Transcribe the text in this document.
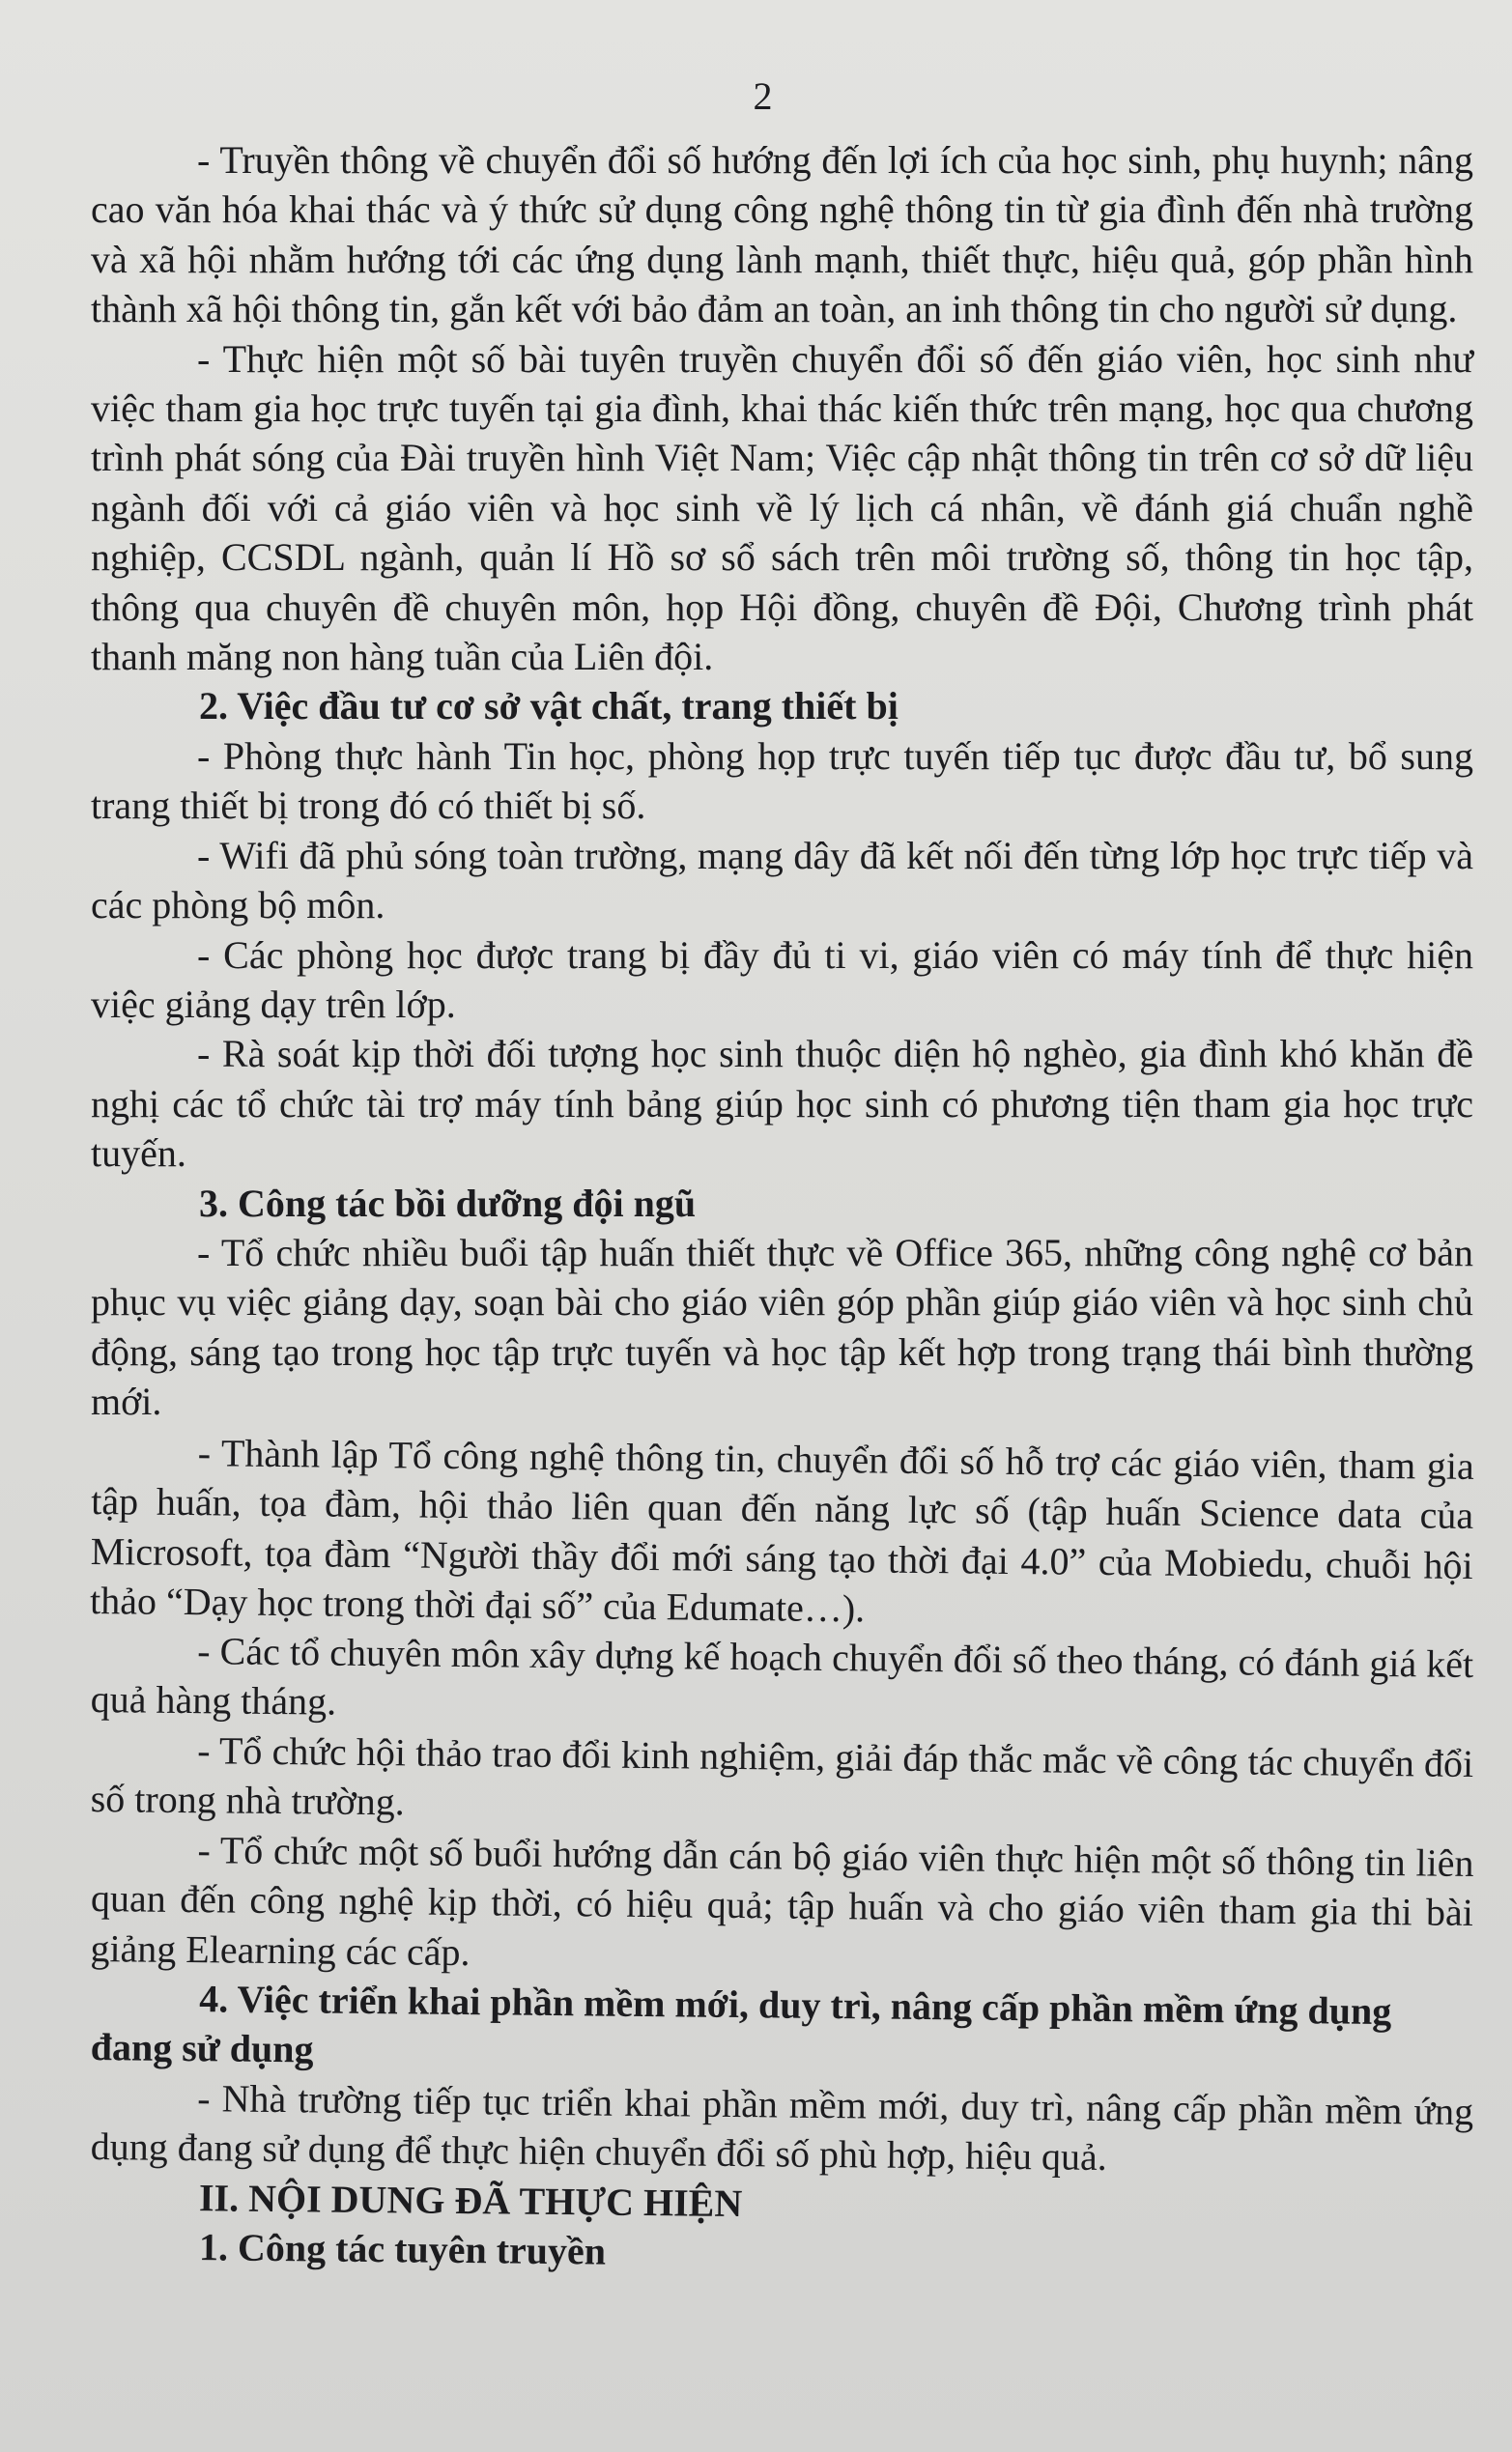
2

- Truyền thông về chuyển đổi số hướng đến lợi ích của học sinh, phụ huynh; nâng cao văn hóa khai thác và ý thức sử dụng công nghệ thông tin từ gia đình đến nhà trường và xã hội nhằm hướng tới các ứng dụng lành mạnh, thiết thực, hiệu quả, góp phần hình thành xã hội thông tin, gắn kết với bảo đảm an toàn, an inh thông tin cho người sử dụng.

- Thực hiện một số bài tuyên truyền chuyển đổi số đến giáo viên, học sinh như việc tham gia học trực tuyến tại gia đình, khai thác kiến thức trên mạng, học qua chương trình phát sóng của Đài truyền hình Việt Nam; Việc cập nhật thông tin trên cơ sở dữ liệu ngành đối với cả giáo viên và học sinh về lý lịch cá nhân, về đánh giá chuẩn nghề nghiệp, CCSDL ngành, quản lí Hồ sơ sổ sách trên môi trường số, thông tin học tập, thông qua chuyên đề chuyên môn, họp Hội đồng, chuyên đề Đội, Chương trình phát thanh măng non hàng tuần của Liên đội.

2. Việc đầu tư cơ sở vật chất, trang thiết bị

- Phòng thực hành Tin học, phòng họp trực tuyến tiếp tục được đầu tư, bổ sung trang thiết bị trong đó có thiết bị số.

- Wifi đã phủ sóng toàn trường, mạng dây đã kết nối đến từng lớp học trực tiếp và các phòng bộ môn.

- Các phòng học được trang bị đầy đủ ti vi, giáo viên có máy tính để thực hiện việc giảng dạy trên lớp.

- Rà soát kịp thời đối tượng học sinh thuộc diện hộ nghèo, gia đình khó khăn đề nghị các tổ chức tài trợ máy tính bảng giúp học sinh có phương tiện tham gia học trực tuyến.

3. Công tác bồi dưỡng đội ngũ

- Tổ chức nhiều buổi tập huấn thiết thực về Office 365, những công nghệ cơ bản phục vụ việc giảng dạy, soạn bài cho giáo viên góp phần giúp giáo viên và học sinh chủ động, sáng tạo trong học tập trực tuyến và học tập kết hợp trong trạng thái bình thường mới.

- Thành lập Tổ công nghệ thông tin, chuyển đổi số hỗ trợ các giáo viên, tham gia tập huấn, tọa đàm, hội thảo liên quan đến năng lực số (tập huấn Science data của Microsoft, tọa đàm “Người thầy đổi mới sáng tạo thời đại 4.0” của Mobiedu, chuỗi hội thảo “Dạy học trong thời đại số” của Edumate…).

- Các tổ chuyên môn xây dựng kế hoạch chuyển đổi số theo tháng, có đánh giá kết quả hàng tháng.

- Tổ chức hội thảo trao đổi kinh nghiệm, giải đáp thắc mắc về công tác chuyển đổi số trong nhà trường.

- Tổ chức một số buổi hướng dẫn cán bộ giáo viên thực hiện một số thông tin liên quan đến công nghệ kịp thời, có hiệu quả; tập huấn và cho giáo viên tham gia thi bài giảng Elearning các cấp.

4. Việc triển khai phần mềm mới, duy trì, nâng cấp phần mềm ứng dụng đang sử dụng

- Nhà trường tiếp tục triển khai phần mềm mới, duy trì, nâng cấp phần mềm ứng dụng đang sử dụng để thực hiện chuyển đổi số phù hợp, hiệu quả.

II. NỘI DUNG ĐÃ THỰC HIỆN

1. Công tác tuyên truyền
